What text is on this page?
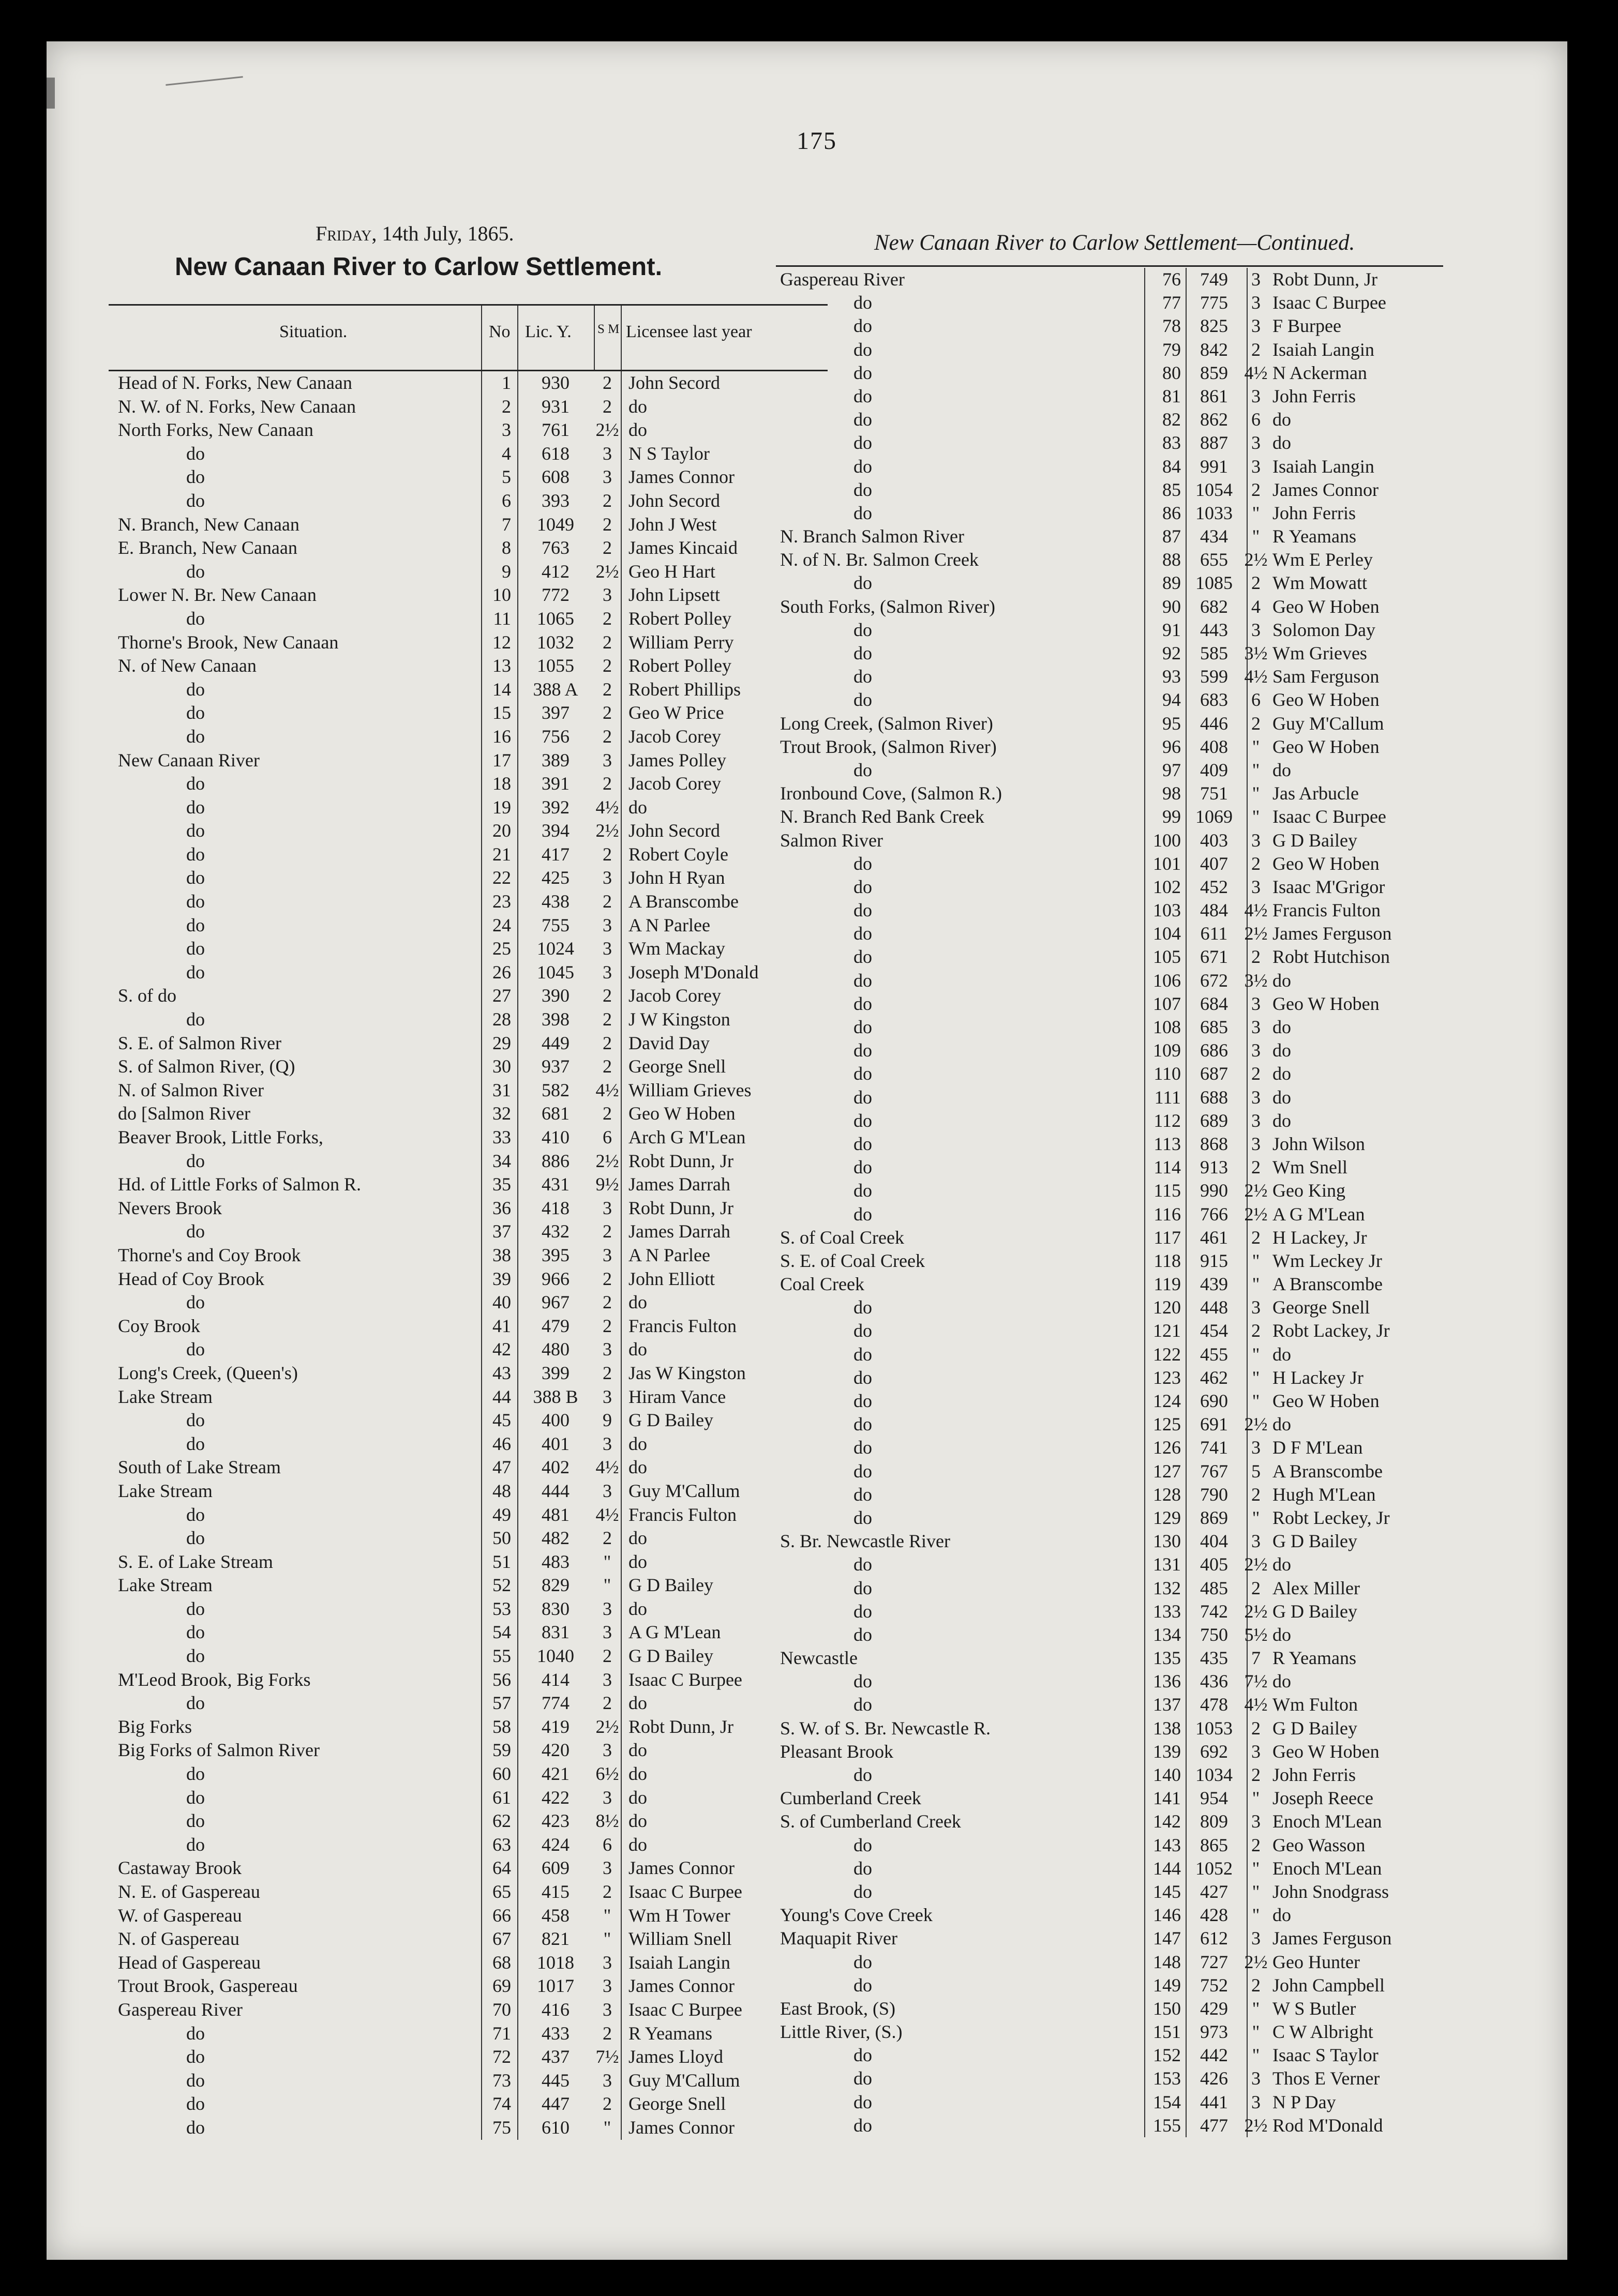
175
Friday, 14th July, 1865.
New Canaan River to Carlow Settlement.
New Canaan River to Carlow Settlement—Continued.
Situation.	No Lic. Y. S M Licensee last year
Head of N. Forks, New Canaan	1	930	2 John Secord
N. W. of N. Forks, New Canaan	2	931	2 do
North Forks, New Canaan	3	761	2½ do
do	4	618	3 N S Taylor
do	5	608	3 James Connor
do	6	393	2 John Secord
N. Branch, New Canaan	7	1049	2 John J West
E. Branch, New Canaan	8	763	2 James Kincaid
do	9	412	2½ Geo H Hart
Lower N. Br. New Canaan	10	772	3 John Lipsett
do	11	1065	2 Robert Polley
Thorne's Brook, New Canaan	12	1032	2 William Perry
N. of New Canaan	13	1055	2 Robert Polley
do	14	388 A	2 Robert Phillips
do	15	397	2 Geo W Price
do	16	756	2 Jacob Corey
New Canaan River	17	389	3 James Polley
do	18	391	2 Jacob Corey
do	19	392	4½ do
do	20	394	2½ John Secord
do	21	417	2 Robert Coyle
do	22	425	3 John H Ryan
do	23	438	2 A Branscombe
do	24	755	3 A N Parlee
do	25	1024	3 Wm Mackay
do	26	1045	3 Joseph M'Donald
S. of do	27	390	2 Jacob Corey
do	28	398	2 J W Kingston
S. E. of Salmon River	29	449	2 David Day
S. of Salmon River, (Q)	30	937	2 George Snell
N. of Salmon River	31	582	4½ William Grieves
do [Salmon River	32	681	2 Geo W Hoben
Beaver Brook, Little Forks,	33	410	6 Arch G M'Lean
do	34	886	2½ Robt Dunn, Jr
Hd. of Little Forks of Salmon R.	35	431	9½ James Darrah
Nevers Brook	36	418	3 Robt Dunn, Jr
do	37	432	2 James Darrah
Thorne's and Coy Brook	38	395	3 A N Parlee
Head of Coy Brook	39	966	2 John Elliott
do	40	967	2 do
Coy Brook	41	479	2 Francis Fulton
do	42	480	3 do
Long's Creek, (Queen's)	43	399	2 Jas W Kingston
Lake Stream	44	388 B	3 Hiram Vance
do	45	400	9 G D Bailey
do	46	401	3 do
South of Lake Stream	47	402	4½ do
Lake Stream	48	444	3 Guy M'Callum
do	49	481	4½ Francis Fulton
do	50	482	2 do
S. E. of Lake Stream	51	483	" do
Lake Stream	52	829	" G D Bailey
do	53	830	3 do
do	54	831	3 A G M'Lean
do	55	1040	2 G D Bailey
M'Leod Brook, Big Forks	56	414	3 Isaac C Burpee
do	57	774	2 do
Big Forks	58	419	2½ Robt Dunn, Jr
Big Forks of Salmon River	59	420	3 do
do	60	421	6½ do
do	61	422	3 do
do	62	423	8½ do
do	63	424	6 do
Castaway Brook	64	609	3 James Connor
N. E. of Gaspereau	65	415	2 Isaac C Burpee
W. of Gaspereau	66	458	" Wm H Tower
N. of Gaspereau	67	821	" William Snell
Head of Gaspereau	68	1018	3 Isaiah Langin
Trout Brook, Gaspereau	69	1017	3 James Connor
Gaspereau River	70	416	3 Isaac C Burpee
do	71	433	2 R Yeamans
do	72	437	7½ James Lloyd
do	73	445	3 Guy M'Callum
do	74	447	2 George Snell
do	75	610	" James Connor
Gaspereau River	76	749	3 Robt Dunn, Jr
do	77	775	3 Isaac C Burpee
do	78	825	3 F Burpee
do	79	842	2 Isaiah Langin
do	80	859 4½ N Ackerman
do	81	861	3 John Ferris
do	82	862	6 do
do	83	887	3 do
do	84	991	3 Isaiah Langin
do	85 1054	2 James Connor
do	86 1033	" John Ferris
N. Branch Salmon River	87	434	" R Yeamans
N. of N. Br. Salmon Creek	88	655 2½ Wm E Perley
do	89 1085	2 Wm Mowatt
South Forks, (Salmon River)	90	682	4 Geo W Hoben
do	91	443	3 Solomon Day
do	92	585 3½ Wm Grieves
do	93	599 4½ Sam Ferguson
do	94	683	6 Geo W Hoben
Long Creek, (Salmon River)	95	446	2 Guy M'Callum
Trout Brook, (Salmon River)	96	408	" Geo W Hoben
do	97	409	" do
Ironbound Cove, (Salmon R.)	98	751	" Jas Arbucle
N. Branch Red Bank Creek	99 1069	" Isaac C Burpee
Salmon River	100	403	3 G D Bailey
do	101	407	2 Geo W Hoben
do	102	452	3 Isaac M'Grigor
do	103	484 4½ Francis Fulton
do	104	611 2½ James Ferguson
do	105	671	2 Robt Hutchison
do	106	672 3½ do
do	107	684	3 Geo W Hoben
do	108	685	3 do
do	109	686	3 do
do	110	687	2 do
do	111	688	3 do
do	112	689	3 do
do	113	868	3 John Wilson
do	114	913	2 Wm Snell
do	115	990 2½ Geo King
do	116	766 2½ A G M'Lean
S. of Coal Creek	117	461	2 H Lackey, Jr
S. E. of Coal Creek	118	915	" Wm Leckey Jr
Coal Creek	119	439	" A Branscombe
do	120	448	3 George Snell
do	121	454	2 Robt Lackey, Jr
do	122	455	" do
do	123	462	" H Lackey Jr
do	124	690	" Geo W Hoben
do	125	691 2½ do
do	126	741	3 D F M'Lean
do	127	767	5 A Branscombe
do	128	790	2 Hugh M'Lean
do	129	869	" Robt Leckey, Jr
S. Br. Newcastle River	130	404	3 G D Bailey
do	131	405 2½ do
do	132	485	2 Alex Miller
do	133	742 2½ G D Bailey
do	134	750 5½ do
Newcastle	135	435	7 R Yeamans
do	136	436 7½ do
do	137	478 4½ Wm Fulton
S. W. of S. Br. Newcastle R.	138 1053	2 G D Bailey
Pleasant Brook	139	692	3 Geo W Hoben
do	140 1034	2 John Ferris
Cumberland Creek	141	954	" Joseph Reece
S. of Cumberland Creek	142	809	3 Enoch M'Lean
do	143	865	2 Geo Wasson
do	144 1052	" Enoch M'Lean
do	145	427	" John Snodgrass
Young's Cove Creek	146	428	" do
Maquapit River	147	612	3 James Ferguson
do	148	727 2½ Geo Hunter
do	149	752	2 John Campbell
East Brook, (S)	150	429	" W S Butler
Little River, (S.)	151	973	" C W Albright
do	152	442	" Isaac S Taylor
do	153	426	3 Thos E Verner
do	154	441	3 N P Day
do	155	477 2½ Rod M'Donald
